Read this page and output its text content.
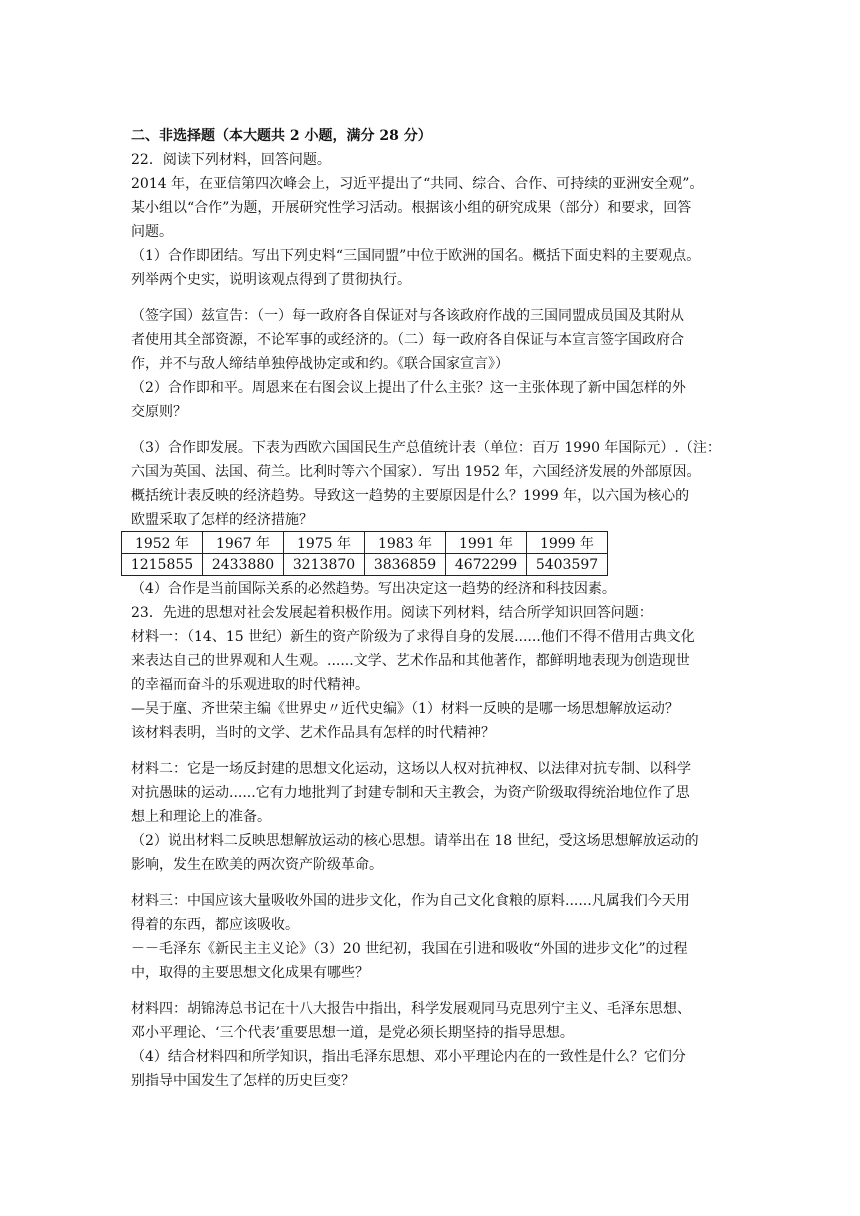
二、非选择题（本大题共 2 小题，满分 28 分）
22．阅读下列材料，回答问题。
2014 年，在亚信第四次峰会上，习近平提出了“共同、综合、合作、可持续的亚洲安全观”。
某小组以“合作”为题，开展研究性学习活动。根据该小组的研究成果（部分）和要求，回答
问题。
（1）合作即团结。写出下列史料“三国同盟”中位于欧洲的国名。概括下面史料的主要观点。
列举两个史实，说明该观点得到了贯彻执行。
（签字国）兹宣告：（一）每一政府各自保证对与各该政府作战的三国同盟成员国及其附从
者使用其全部资源，不论军事的或经济的。（二）每一政府各自保证与本宣言签字国政府合
作，并不与敌人缔结单独停战协定或和约。《联合国家宣言》）
（2）合作即和平。周恩来在右图会议上提出了什么主张？这一主张体现了新中国怎样的外
交原则？
（3）合作即发展。下表为西欧六国国民生产总值统计表（单位：百万 1990 年国际元）.（注：
六国为英国、法国、荷兰。比利时等六个国家）．写出 1952 年，六国经济发展的外部原因。
概括统计表反映的经济趋势。导致这一趋势的主要原因是什么？1999 年，以六国为核心的
欧盟采取了怎样的经济措施？
1952 年	1967 年	1975 年	1983 年	1991 年	1999 年
1215855	2433880	3213870	3836859	4672299	5403597
（4）合作是当前国际关系的必然趋势。写出决定这一趋势的经济和科技因素。
23．先进的思想对社会发展起着积极作用。阅读下列材料，结合所学知识回答问题：
材料一：（14、15 世纪）新生的资产阶级为了求得自身的发展......他们不得不借用古典文化
来表达自己的世界观和人生观。......文学、艺术作品和其他著作，都鲜明地表现为创造现世
的幸福而奋斗的乐观进取的时代精神。
—吴于廑、齐世荣主编《世界史〃近代史编》（1）材料一反映的是哪一场思想解放运动？
该材料表明，当时的文学、艺术作品具有怎样的时代精神？
材料二：它是一场反封建的思想文化运动，这场以人权对抗神权、以法律对抗专制、以科学
对抗愚昧的运动......它有力地批判了封建专制和天主教会，为资产阶级取得统治地位作了思
想上和理论上的准备。
（2）说出材料二反映思想解放运动的核心思想。请举出在 18 世纪，受这场思想解放运动的
影响，发生在欧美的两次资产阶级革命。
材料三：中国应该大量吸收外国的进步文化，作为自己文化食粮的原料......凡属我们今天用
得着的东西，都应该吸收。
－－毛泽东《新民主主义论》（3）20 世纪初，我国在引进和吸收“外国的进步文化”的过程
中，取得的主要思想文化成果有哪些？
材料四：胡锦涛总书记在十八大报告中指出，科学发展观同马克思列宁主义、毛泽东思想、
邓小平理论、‘三个代表’重要思想一道，是党必须长期坚持的指导思想。
（4）结合材料四和所学知识，指出毛泽东思想、邓小平理论内在的一致性是什么？它们分
别指导中国发生了怎样的历史巨变？
